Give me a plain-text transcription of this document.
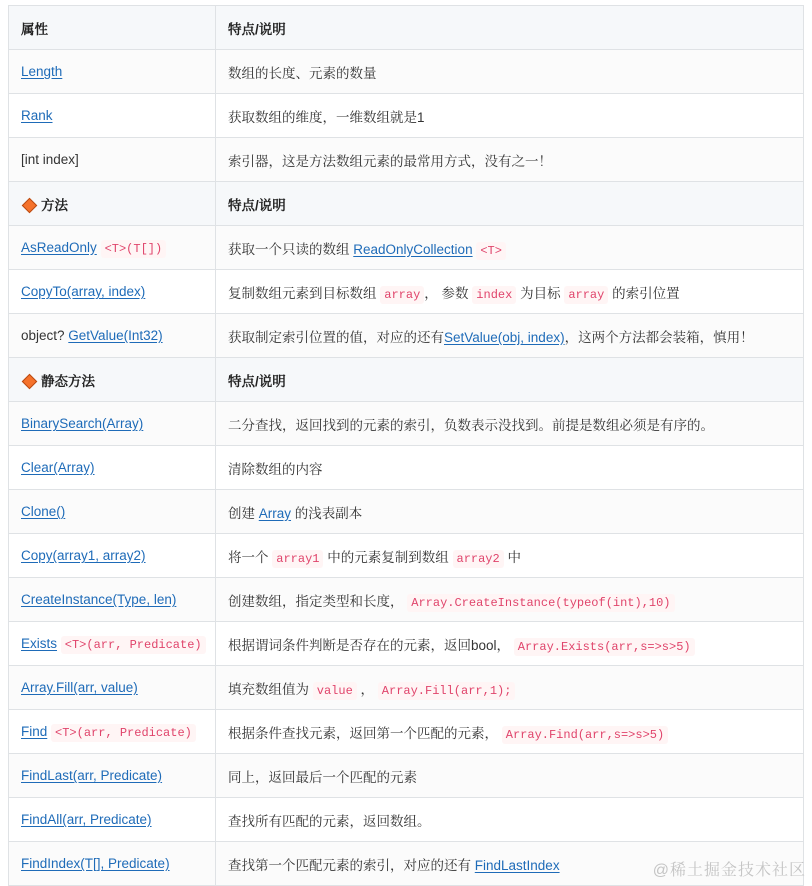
属性	特点/说明
Length	数组的长度、元素的数量
Rank	获取数组的维度，一维数组就是1
[int index]	索引器，这是方法数组元素的最常用方式，没有之一！
方法	特点/说明
AsReadOnly <T>(T[])	获取一个只读的数组 ReadOnlyCollection <T>
CopyTo(array, index)	复制数组元素到目标数组 array ， 参数 index 为目标 array 的索引位置
object? GetValue(Int32)	获取制定索引位置的值，对应的还有SetValue(obj, index)，这两个方法都会装箱，慎用！
静态方法	特点/说明
BinarySearch(Array)	二分查找，返回找到的元素的索引，负数表示没找到。前提是数组必须是有序的。
Clear(Array)	清除数组的内容
Clone()	创建 Array 的浅表副本
Copy(array1, array2)	将一个 array1 中的元素复制到数组 array2 中
CreateInstance(Type, len)	创建数组，指定类型和长度， Array.CreateInstance(typeof(int),10)
Exists <T>(arr, Predicate)	根据谓词条件判断是否存在的元素，返回bool， Array.Exists(arr,s=>s>5)
Array.Fill(arr, value)	填充数组值为 value ， Array.Fill(arr,1);
Find <T>(arr, Predicate)	根据条件查找元素，返回第一个匹配的元素， Array.Find(arr,s=>s>5)
FindLast(arr, Predicate)	同上，返回最后一个匹配的元素
FindAll(arr, Predicate)	查找所有匹配的元素，返回数组。
FindIndex(T[], Predicate)	查找第一个匹配元素的索引，对应的还有 FindLastIndex	@稀土掘金技术社区
